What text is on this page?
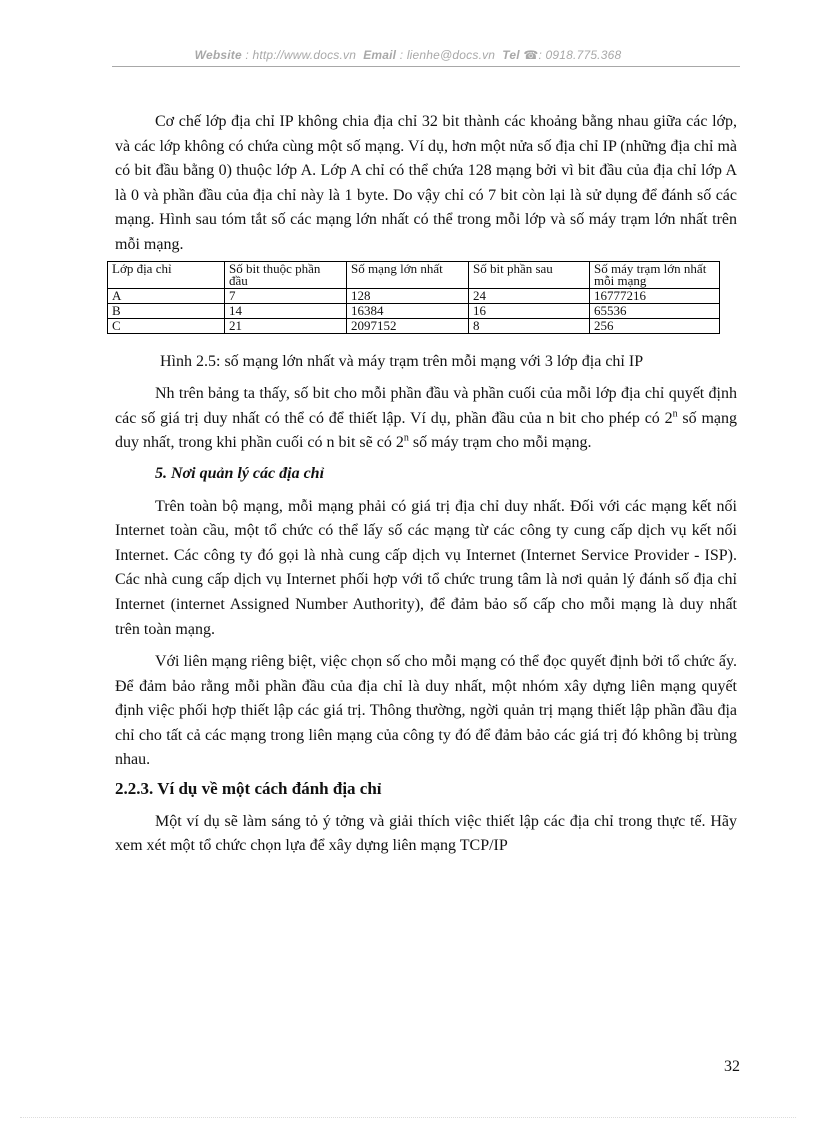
Website : http://www.docs.vn Email : lienhe@docs.vn Tel ☎: 0918.775.368

Cơ chế lớp địa chỉ IP không chia địa chỉ 32 bit thành các khoảng bằng nhau giữa các lớp, và các lớp không có chứa cùng một số mạng. Ví dụ, hơn một nửa số địa chỉ IP (những địa chỉ mà có bit đầu bằng 0) thuộc lớp A. Lớp A chỉ có thể chứa 128 mạng bởi vì bit đầu của địa chỉ lớp A là 0 và phần đầu của địa chỉ này là 1 byte. Do vậy chỉ có 7 bit còn lại là sử dụng để đánh số các mạng. Hình sau tóm tắt số các mạng lớn nhất có thể trong mỗi lớp và số máy trạm lớn nhất trên mỗi mạng.

Lớp địa chỉ	Số bit thuộc phần đầu	Số mạng lớn nhất	Số bit phần sau	Số máy trạm lớn nhất mỗi mạng
A	7	128	24	16777216
B	14	16384	16	65536
C	21	2097152	8	256

Hình 2.5: số mạng lớn nhất và máy trạm trên mỗi mạng với 3 lớp địa chỉ IP

Nh trên bảng ta thấy, số bit cho mỗi phần đầu và phần cuối của mỗi lớp địa chỉ quyết định các số giá trị duy nhất có thể có để thiết lập. Ví dụ, phần đầu của n bit cho phép có 2$^n$ số mạng duy nhất, trong khi phần cuối có n bit sẽ có 2$^n$ số máy trạm cho mỗi mạng.

5. Nơi quản lý các địa chỉ

Trên toàn bộ mạng, mỗi mạng phải có giá trị địa chỉ duy nhất. Đối với các mạng kết nối Internet toàn cầu, một tổ chức có thể lấy số các mạng từ các công ty cung cấp dịch vụ kết nối Internet. Các công ty đó gọi là nhà cung cấp dịch vụ Internet (Internet Service Provider - ISP). Các nhà cung cấp dịch vụ Internet phối hợp với tổ chức trung tâm là nơi quản lý đánh số địa chỉ Internet (internet Assigned Number Authority), để đảm bảo số cấp cho mỗi mạng là duy nhất trên toàn mạng.

Với liên mạng riêng biệt, việc chọn số cho mỗi mạng có thể đọc quyết định bởi tổ chức ấy. Để đảm bảo rằng mỗi phần đầu của địa chỉ là duy nhất, một nhóm xây dựng liên mạng quyết định việc phối hợp thiết lập các giá trị. Thông thường, ngời quản trị mạng thiết lập phần đầu địa chỉ cho tất cả các mạng trong liên mạng của công ty đó để đảm bảo các giá trị đó không bị trùng nhau.

2.2.3. Ví dụ về một cách đánh địa chỉ

Một ví dụ sẽ làm sáng tỏ ý tởng và giải thích việc thiết lập các địa chỉ trong thực tế. Hãy xem xét một tổ chức chọn lựa để xây dựng liên mạng TCP/IP

32
